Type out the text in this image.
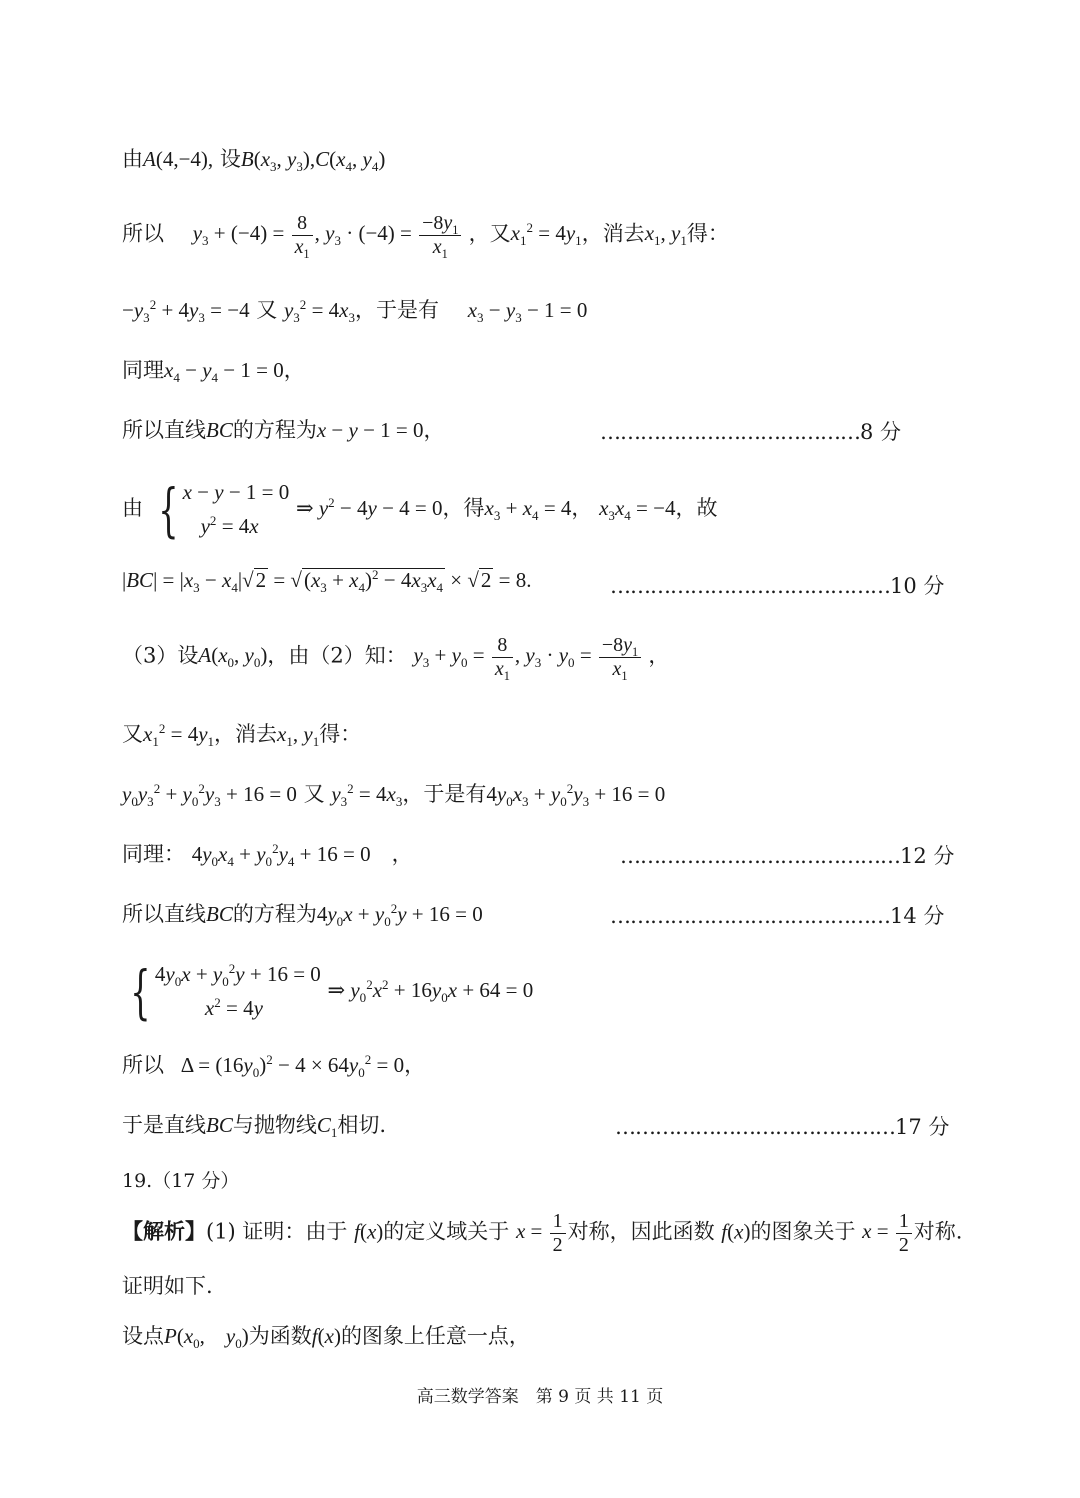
由A(4,−4), 设$B(x_3$, $y_3),C(x_4$, $y_4$)
所以 $y_3 + (-4) = \frac{8}{x_1}$ , $y_3 \cdot (-4) = \frac{-8y_1}{x_1}$ ，又$x_1^2 = 4y_1$，消去$x_1$, $y_1$得：
$-y_3^2 + 4y_3 = -4$ 又 $y_3^2 = 4x_3$，于是有 $x_3 - y_3 - 1 = 0$
同理$x_4 - y_4 - 1 = 0$，
所以直线BC的方程为x − y − 1 = 0，	…………………………………8 分
由 { x − y − 1 = 0
$y^2 = 4x$
⇒ $y^2 - 4y - 4 = 0$，得$x_3 + x_4 = 4$， $x_3x_4 = -4$，故
$|BC| = |x_3 - x_4|√2 = √(x_3 + x_4)^2 - 4x_3x_4 \times √2 = 8$.	……………………………………10 分
（3）设$A(x_0$, $y_0$)，由（2）知： $y_3 + y_0 = \frac{8}{x_1}$ , $y_3 \cdot y_0 = \frac{-8y_1}{x_1}$ ，
又$x_1^2 = 4y_1$，消去$x_1$, $y_1$得：
$y_0y_3^2 + y_0^2y_3 + 16 = 0$ 又 $y_3^2 = 4x_3$，于是有$4y_0x_3 + y_0^2y_3 + 16 = 0$
同理： $4y_0x_4 + y_0^2y_4 + 16 = 0$　，	……………………………………12 分
所以直线BC的方程为$4y_0x + y_0^2y + 16 = 0$	……………………………………14 分
{ $4y_0x + y_0^2y + 16 = 0$
$x^2 = 4y$
⇒ $y_0^2x^2 + 16y_0x + 64 = 0$
所以 $\Delta = (16y_0)^2 - 4 \times 64y_0^2 = 0$，
于是直线BC与抛物线$C_1$相切.	……………………………………17 分
19.（17 分）
【解析】(1) 证明：由于 f(x)的定义域关于 $x = \frac{1}{2}$ 对称，因此函数 f(x)的图象关于 $x = \frac{1}{2}$ 对称.
证明如下.
设点$P(x_0$,　$y_0$)为函数f(x)的图象上任意一点，
高三数学答案　第 9 页 共 11 页
